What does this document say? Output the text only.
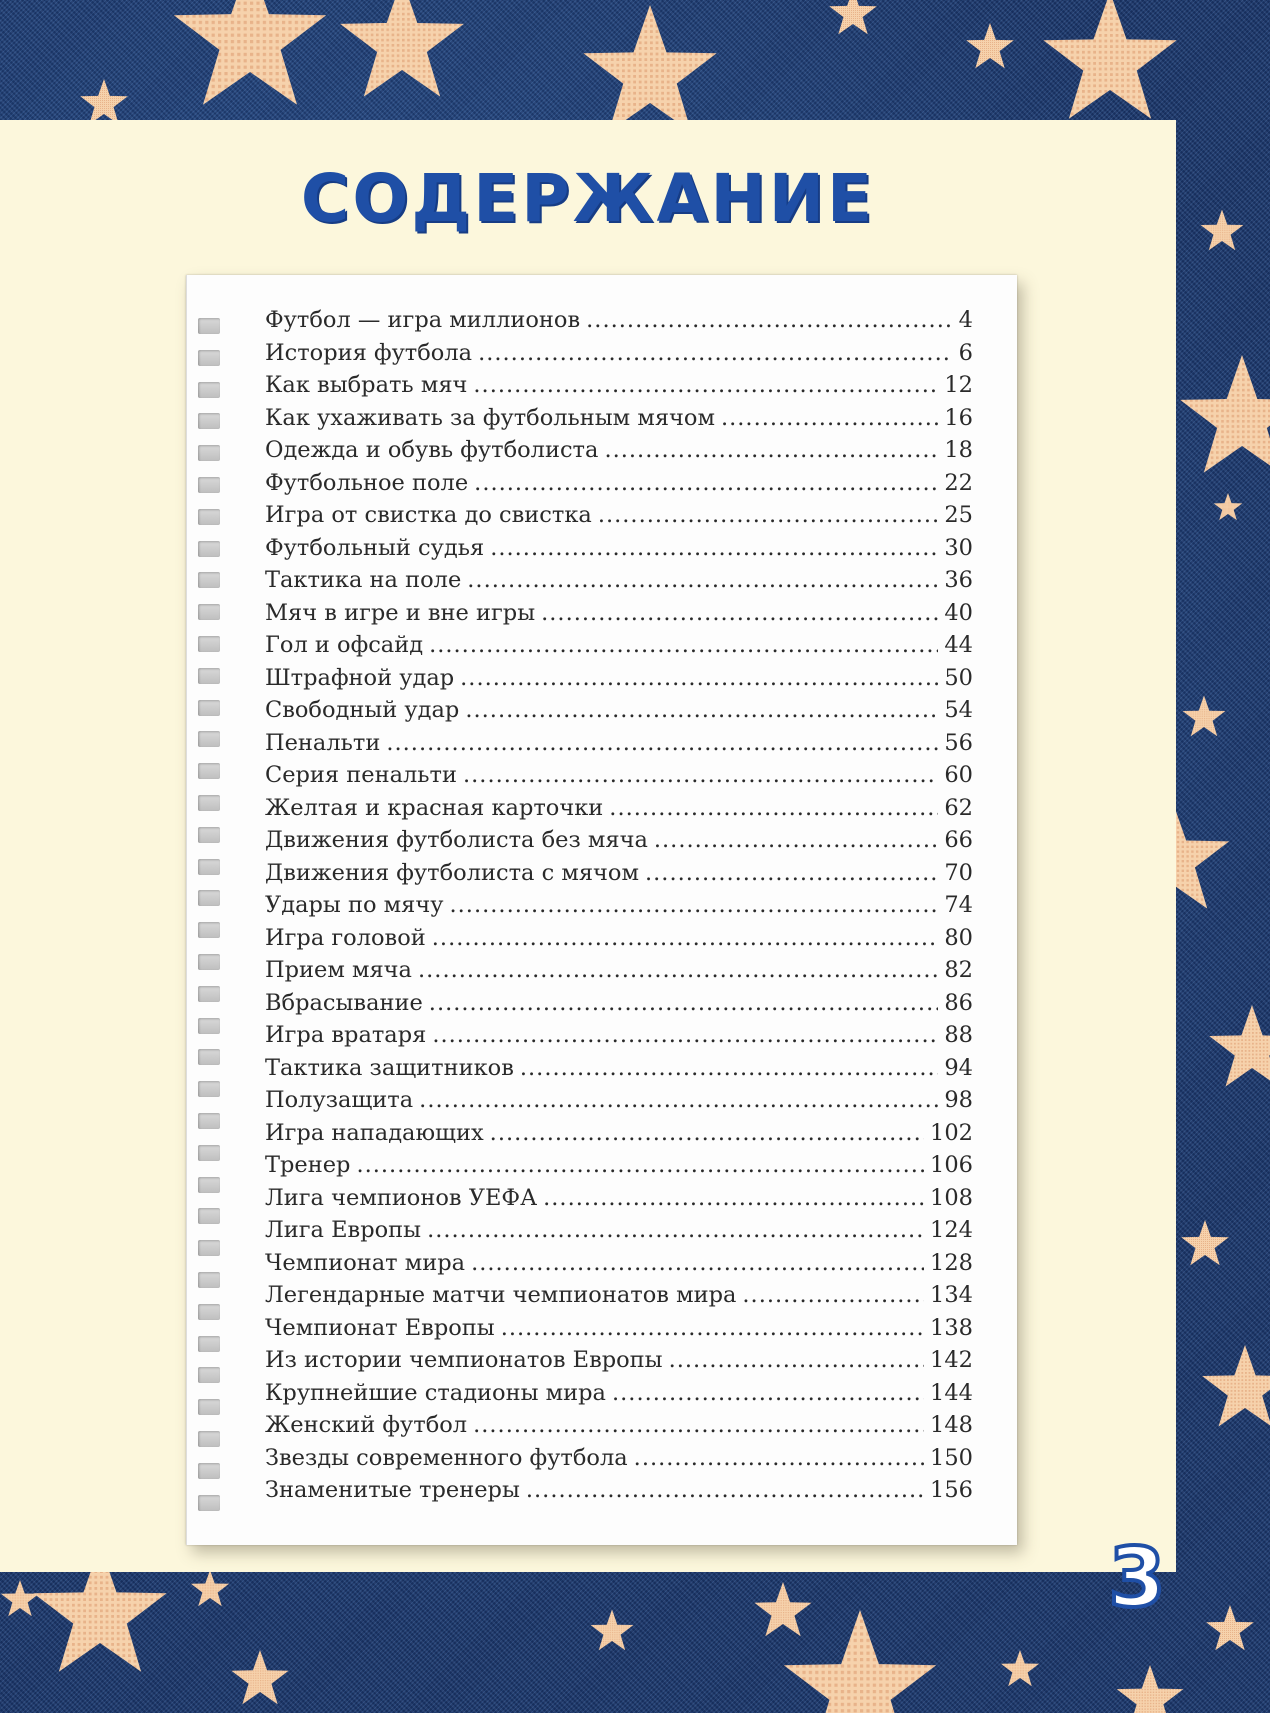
СОДЕРЖАНИЕ
Футбол — игра миллионов .....	4
История футбола .....	6
Как выбрать мяч .....	12
Как ухаживать за футбольным мячом .....	16
Одежда и обувь футболиста .....	18
Футбольное поле .....	22
Игра от свистка до свистка .....	25
Футбольный судья .....	30
Тактика на поле .....	36
Мяч в игре и вне игры .....	40
Гол и офсайд .....	44
Штрафной удар .....	50
Свободный удар .....	54
Пенальти .....	56
Серия пенальти .....	60
Желтая и красная карточки .....	62
Движения футболиста без мяча .....	66
Движения футболиста с мячом .....	70
Удары по мячу .....	74
Игра головой .....	80
Прием мяча .....	82
Вбрасывание .....	86
Игра вратаря .....	88
Тактика защитников .....	94
Полузащита .....	98
Игра нападающих .....	102
Тренер .....	106
Лига чемпионов УЕФА .....	108
Лига Европы .....	124
Чемпионат мира .....	128
Легендарные матчи чемпионатов мира .....	134
Чемпионат Европы .....	138
Из истории чемпионатов Европы .....	142
Крупнейшие стадионы мира .....	144
Женский футбол .....	148
Звезды современного футбола .....	150
Знаменитые тренеры .....	156
3
